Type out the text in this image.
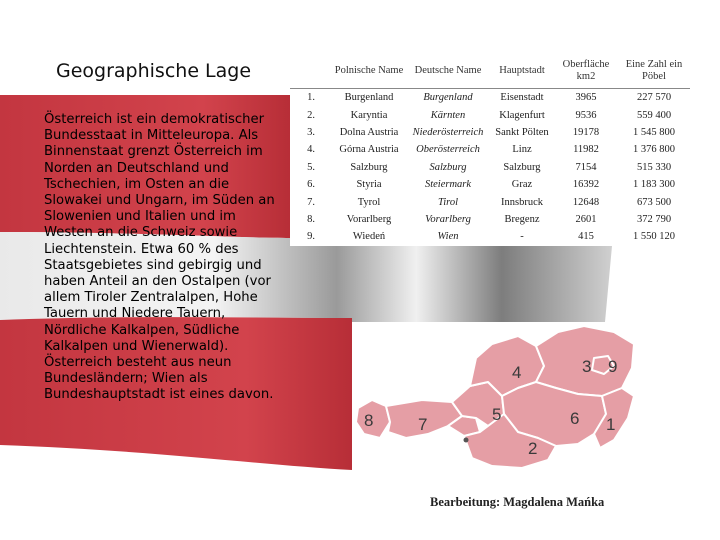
Geographische Lage

Österreich ist ein demokratischer Bundesstaat in Mitteleuropa. Als Binnenstaat grenzt Österreich im Norden an Deutschland und Tschechien, im Osten an die Slowakei und Ungarn, im Süden an Slowenien und Italien und im Westen an die Schweiz sowie Liechtenstein. Etwa 60 % des Staatsgebietes sind gebirgig und haben Anteil an den Ostalpen (vor allem Tiroler Zentralalpen, Hohe Tauern und Niedere Tauern, Nördliche Kalkalpen, Südliche Kalkalpen und Wienerwald). Österreich besteht aus neun Bundesländern; Wien als Bundeshauptstadt ist eines davon.

	Polnische Name	Deutsche Name	Hauptstadt	Oberfläche km2	Eine Zahl ein Pöbel
1.	Burgenland	Burgenland	Eisenstadt	3965	227 570
2.	Karyntia	Kärnten	Klagenfurt	9536	559 400
3.	Dolna Austria	Niederösterreich	Sankt Pölten	19178	1 545 800
4.	Górna Austria	Oberösterreich	Linz	11982	1 376 800
5.	Salzburg	Salzburg	Salzburg	7154	515 330
6.	Styria	Steiermark	Graz	16392	1 183 300
7.	Tyrol	Tirol	Innsbruck	12648	673 500
8.	Vorarlberg	Vorarlberg	Bregenz	2601	372 790
9.	Wiedeń	Wien	-	415	1 550 120
1
2
3
4
5	6
7
8
9
Bearbeitung: Magdalena Mańka
